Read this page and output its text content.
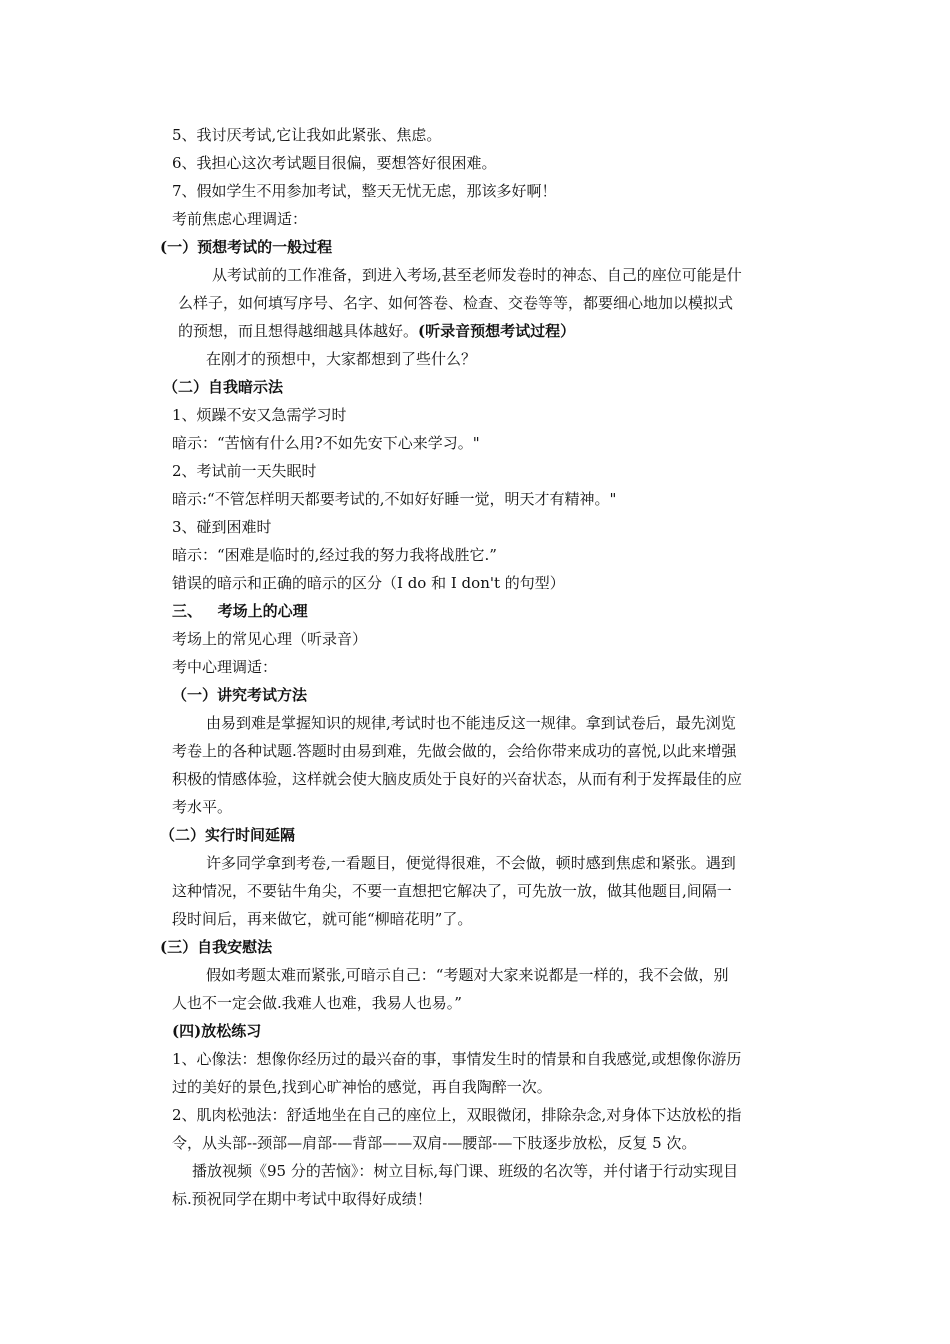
5、我讨厌考试,它让我如此紧张、焦虑。
6、我担心这次考试题目很偏，要想答好很困难。
7、假如学生不用参加考试，整天无忧无虑，那该多好啊！
考前焦虑心理调适：
(一）预想考试的一般过程
从考试前的工作准备，到进入考场,甚至老师发卷时的神态、自己的座位可能是什
么样子，如何填写序号、名字、如何答卷、检查、交卷等等，都要细心地加以模拟式
的预想，而且想得越细越具体越好。(听录音预想考试过程）
在刚才的预想中，大家都想到了些什么？
（二）自我暗示法
1、烦躁不安又急需学习时
暗示：“苦恼有什么用?不如先安下心来学习。"
2、考试前一天失眠时
暗示:“不管怎样明天都要考试的,不如好好睡一觉，明天才有精神。"
3、碰到困难时
暗示：“困难是临时的,经过我的努力我将战胜它.”
错误的暗示和正确的暗示的区分（I do 和 I don't 的句型）
三、   考场上的心理
考场上的常见心理（听录音）
考中心理调适：
（一）讲究考试方法
由易到难是掌握知识的规律,考试时也不能违反这一规律。拿到试卷后，最先浏览
考卷上的各种试题.答题时由易到难，先做会做的，会给你带来成功的喜悦,以此来增强
积极的情感体验，这样就会使大脑皮质处于良好的兴奋状态，从而有利于发挥最佳的应
考水平。
（二）实行时间延隔
许多同学拿到考卷,一看题目，便觉得很难，不会做，顿时感到焦虑和紧张。遇到
这种情况，不要钻牛角尖，不要一直想把它解决了，可先放一放，做其他题目,间隔一
段时间后，再来做它，就可能“柳暗花明”了。
(三）自我安慰法
假如考题太难而紧张,可暗示自己：“考题对大家来说都是一样的，我不会做，别
人也不一定会做.我难人也难，我易人也易。”
(四)放松练习
1、心像法：想像你经历过的最兴奋的事，事情发生时的情景和自我感觉,或想像你游历
过的美好的景色,找到心旷神怡的感觉，再自我陶醉一次。
2、肌肉松弛法：舒适地坐在自己的座位上，双眼微闭，排除杂念,对身体下达放松的指
令，从头部--颈部—肩部-—背部——双肩-—腰部-—下肢逐步放松，反复 5 次。
播放视频《95 分的苦恼》：树立目标,每门课、班级的名次等，并付诸于行动实现目
标.预祝同学在期中考试中取得好成绩！
